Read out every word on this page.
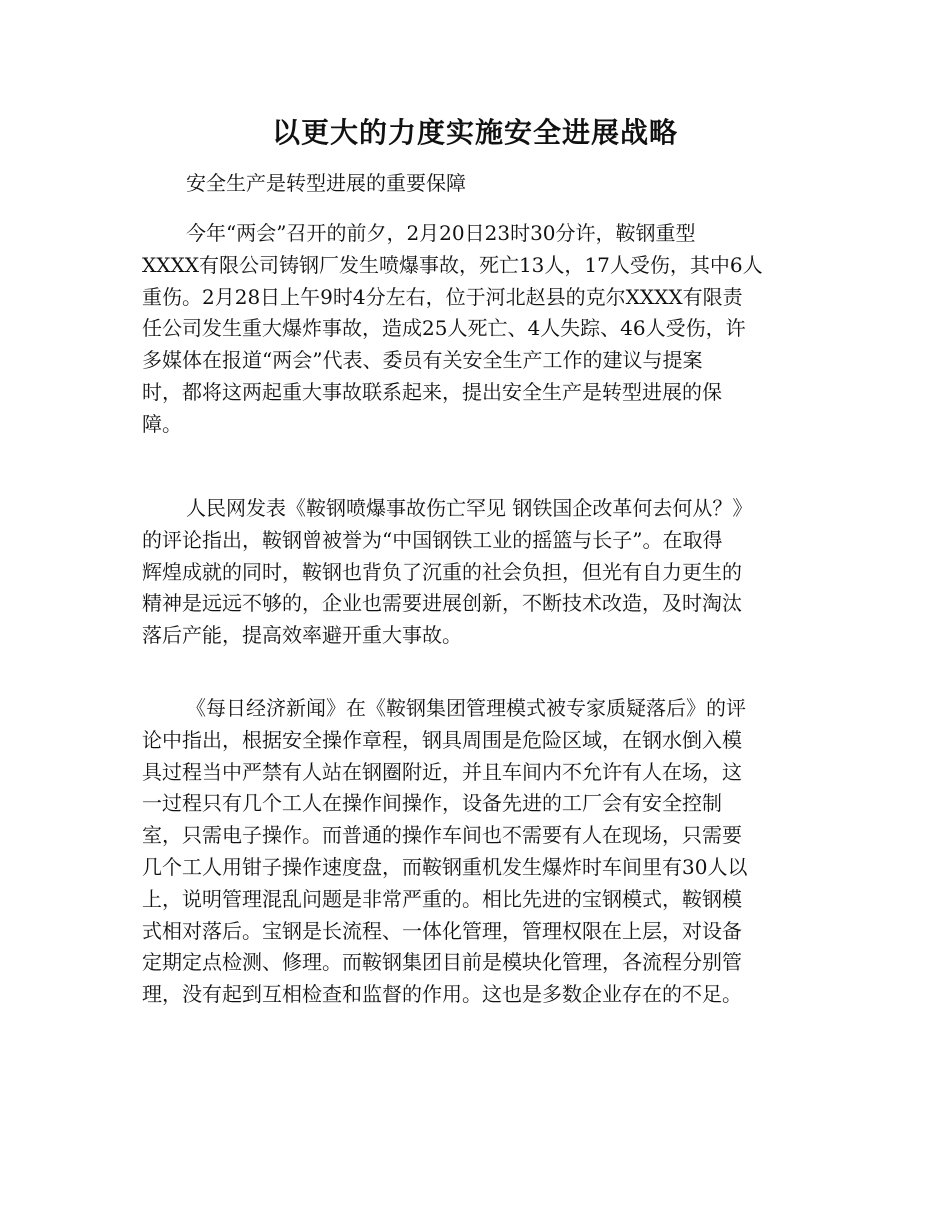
以更大的力度实施安全进展战略

安全生产是转型进展的重要保障

今年“两会”召开的前夕，2月20日23时30分许，鞍钢重型
XXXX有限公司铸钢厂发生喷爆事故，死亡13人，17人受伤，其中6人
重伤。2月28日上午9时4分左右，位于河北赵县的克尔XXXX有限责
任公司发生重大爆炸事故，造成25人死亡、4人失踪、46人受伤，许
多媒体在报道“两会”代表、委员有关安全生产工作的建议与提案
时，都将这两起重大事故联系起来，提出安全生产是转型进展的保
障。
人民网发表《鞍钢喷爆事故伤亡罕见 钢铁国企改革何去何从？》
的评论指出，鞍钢曾被誉为“中国钢铁工业的摇篮与长子”。在取得
辉煌成就的同时，鞍钢也背负了沉重的社会负担，但光有自力更生的
精神是远远不够的，企业也需要进展创新，不断技术改造，及时淘汰
落后产能，提高效率避开重大事故。
《每日经济新闻》在《鞍钢集团管理模式被专家质疑落后》的评
论中指出，根据安全操作章程，钢具周围是危险区域，在钢水倒入模
具过程当中严禁有人站在钢圈附近，并且车间内不允许有人在场，这
一过程只有几个工人在操作间操作，设备先进的工厂会有安全控制
室，只需电子操作。而普通的操作车间也不需要有人在现场，只需要
几个工人用钳子操作速度盘，而鞍钢重机发生爆炸时车间里有30人以
上，说明管理混乱问题是非常严重的。相比先进的宝钢模式，鞍钢模
式相对落后。宝钢是长流程、一体化管理，管理权限在上层，对设备
定期定点检测、修理。而鞍钢集团目前是模块化管理，各流程分别管
理，没有起到互相检查和监督的作用。这也是多数企业存在的不足。
